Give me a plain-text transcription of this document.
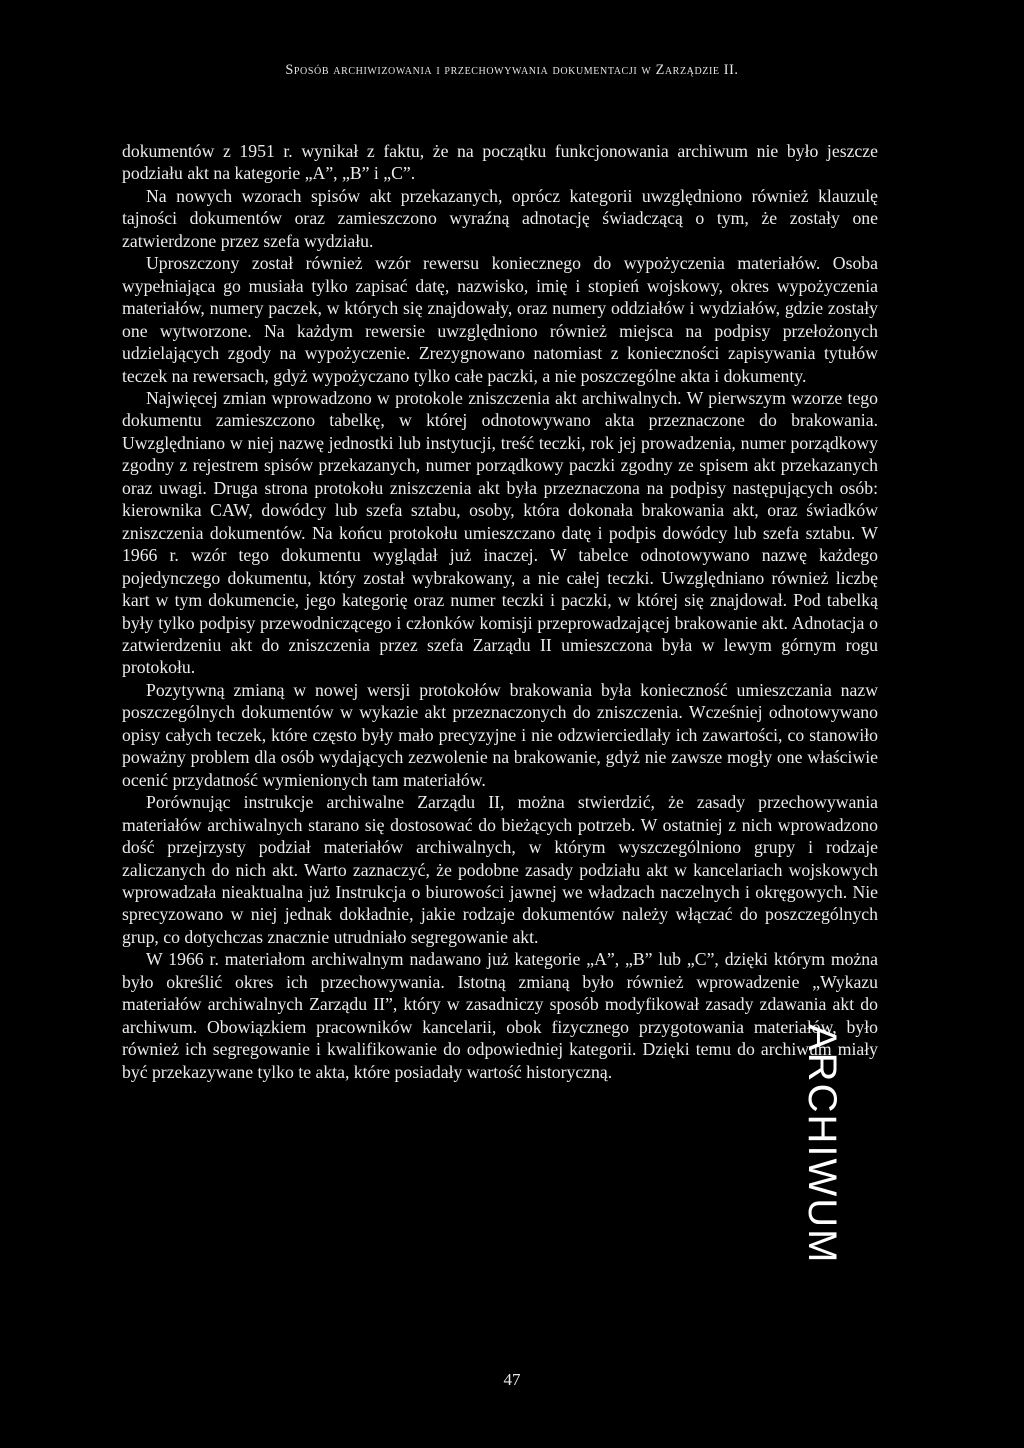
Sposób archiwizowania i przechowywania dokumentacji w Zarządzie II.

dokumentów z 1951 r. wynikał z faktu, że na początku funkcjonowania archiwum nie było jeszcze podziału akt na kategorie „A”, „B” i „C”.

Na nowych wzorach spisów akt przekazanych, oprócz kategorii uwzględniono również klauzulę tajności dokumentów oraz zamieszczono wyraźną adnotację świadczącą o tym, że zostały one zatwierdzone przez szefa wydziału.

Uproszczony został również wzór rewersu koniecznego do wypożyczenia materiałów. Osoba wypełniająca go musiała tylko zapisać datę, nazwisko, imię i stopień wojskowy, okres wypożyczenia materiałów, numery paczek, w których się znajdowały, oraz numery oddziałów i wydziałów, gdzie zostały one wytworzone. Na każdym rewersie uwzględniono również miejsca na podpisy przełożonych udzielających zgody na wypożyczenie. Zrezygnowano natomiast z konieczności zapisywania tytułów teczek na rewersach, gdyż wypożyczano tylko całe paczki, a nie poszczególne akta i dokumenty.

Najwięcej zmian wprowadzono w protokole zniszczenia akt archiwalnych. W pierwszym wzorze tego dokumentu zamieszczono tabelkę, w której odnotowywano akta przeznaczone do brakowania. Uwzględniano w niej nazwę jednostki lub instytucji, treść teczki, rok jej prowadzenia, numer porządkowy zgodny z rejestrem spisów przekazanych, numer porządkowy paczki zgodny ze spisem akt przekazanych oraz uwagi. Druga strona protokołu zniszczenia akt była przeznaczona na podpisy następujących osób: kierownika CAW, dowódcy lub szefa sztabu, osoby, która dokonała brakowania akt, oraz świadków zniszczenia dokumentów. Na końcu protokołu umieszczano datę i podpis dowódcy lub szefa sztabu. W 1966 r. wzór tego dokumentu wyglądał już inaczej. W tabelce odnotowywano nazwę każdego pojedynczego dokumentu, który został wybrakowany, a nie całej teczki. Uwzględniano również liczbę kart w tym dokumencie, jego kategorię oraz numer teczki i paczki, w której się znajdował. Pod tabelką były tylko podpisy przewodniczącego i członków komisji przeprowadzającej brakowanie akt. Adnotacja o zatwierdzeniu akt do zniszczenia przez szefa Zarządu II umieszczona była w lewym górnym rogu protokołu.

Pozytywną zmianą w nowej wersji protokołów brakowania była konieczność umieszczania nazw poszczególnych dokumentów w wykazie akt przeznaczonych do zniszczenia. Wcześniej odnotowywano opisy całych teczek, które często były mało precyzyjne i nie odzwierciedlały ich zawartości, co stanowiło poważny problem dla osób wydających zezwolenie na brakowanie, gdyż nie zawsze mogły one właściwie ocenić przydatność wymienionych tam materiałów.

Porównując instrukcje archiwalne Zarządu II, można stwierdzić, że zasady przechowywania materiałów archiwalnych starano się dostosować do bieżących potrzeb. W ostatniej z nich wprowadzono dość przejrzysty podział materiałów archiwalnych, w którym wyszczególniono grupy i rodzaje zaliczanych do nich akt. Warto zaznaczyć, że podobne zasady podziału akt w kancelariach wojskowych wprowadzała nieaktualna już Instrukcja o biurowości jawnej we władzach naczelnych i okręgowych. Nie sprecyzowano w niej jednak dokładnie, jakie rodzaje dokumentów należy włączać do poszczególnych grup, co dotychczas znacznie utrudniało segregowanie akt.

W 1966 r. materiałom archiwalnym nadawano już kategorie „A”, „B” lub „C”, dzięki którym można było określić okres ich przechowywania. Istotną zmianą było również wprowadzenie „Wykazu materiałów archiwalnych Zarządu II”, który w zasadniczy sposób modyfikował zasady zdawania akt do archiwum. Obowiązkiem pracowników kancelarii, obok fizycznego przygotowania materiałów, było również ich segregowanie i kwalifikowanie do odpowiedniej kategorii. Dzięki temu do archiwum miały być przekazywane tylko te akta, które posiadały wartość historyczną.	ARCHIWUM
47
